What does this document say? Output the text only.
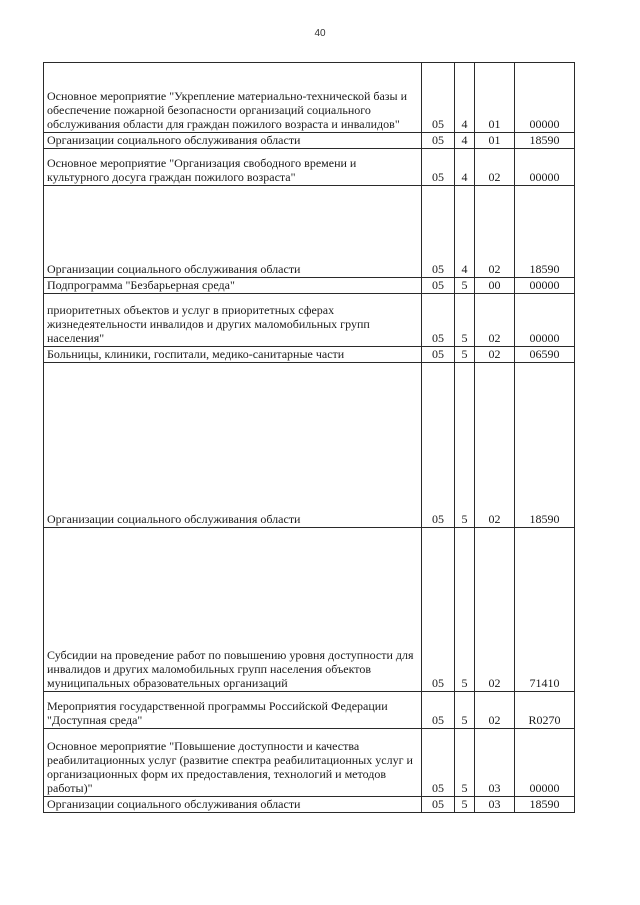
40
Основное мероприятие "Укрепление материально-технической базы и обеспечение пожарной безопасности организаций социального обслуживания области для граждан пожилого возраста и инвалидов"	05	4	01	00000
Организации социального обслуживания области	05	4	01	18590
Основное мероприятие "Организация свободного времени и культурного досуга граждан пожилого возраста"	05	4	02	00000
Организации социального обслуживания области	05	4	02	18590
Подпрограмма "Безбарьерная среда"	05	5	00	00000
приоритетных объектов и услуг в приоритетных сферах жизнедеятельности инвалидов и других маломобильных групп населения"	05	5	02	00000
Больницы, клиники, госпитали, медико-санитарные части	05	5	02	06590
Организации социального обслуживания области	05	5	02	18590
Субсидии на проведение работ по повышению уровня доступности для инвалидов и других маломобильных групп населения объектов муниципальных образовательных организаций	05	5	02	71410
Мероприятия государственной программы Российской Федерации "Доступная среда"	05	5	02	R0270
Основное мероприятие "Повышение доступности и качества реабилитационных услуг (развитие спектра реабилитационных услуг и организационных форм их предоставления, технологий и методов работы)"	05	5	03	00000
Организации социального обслуживания области	05	5	03	18590
